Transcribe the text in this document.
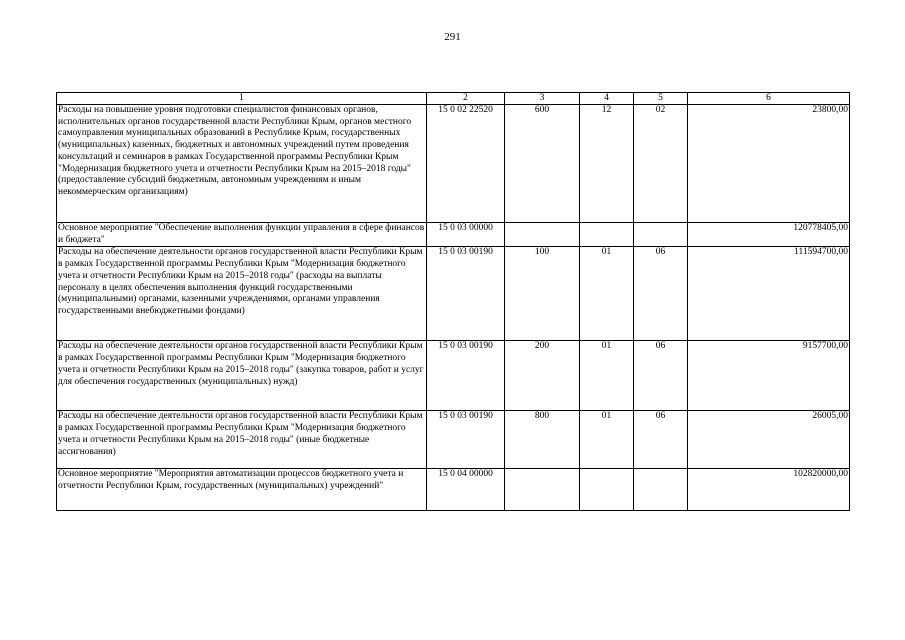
291
1	2	3	4	5	6
Расходы на повышение уровня подготовки специалистов финансовых органов, исполнительных органов государственной власти Республики Крым, органов местного самоуправления муниципальных образований в Республике Крым, государственных (муниципальных) казенных, бюджетных и автономных учреждений путем проведения консультаций и семинаров в рамках Государственной программы Республики Крым "Модернизация бюджетного учета и отчетности Республики Крым на 2015–2018 годы" (предоставление субсидий бюджетным, автономным учреждениям и иным некоммерческим организациям)	15 0 02 22520	600	12	02	23800,00
Основное мероприятие "Обеспечение выполнения функции управления в сфере финансов и бюджета"	15 0 03 00000				120778405,00
Расходы на обеспечение деятельности органов государственной власти Республики Крым в рамках Государственной программы Республики Крым "Модернизация бюджетного учета и отчетности Республики Крым на 2015–2018 годы" (расходы на выплаты персоналу в целях обеспечения выполнения функций государственными (муниципальными) органами, казенными учреждениями, органами управления государственными внебюджетными фондами)	15 0 03 00190	100	01	06	111594700,00
Расходы на обеспечение деятельности органов государственной власти Республики Крым в рамках Государственной программы Республики Крым "Модернизация бюджетного учета и отчетности Республики Крым на 2015–2018 годы" (закупка товаров, работ и услуг для обеспечения государственных (муниципальных) нужд)	15 0 03 00190	200	01	06	9157700,00
Расходы на обеспечение деятельности органов государственной власти Республики Крым в рамках Государственной программы Республики Крым "Модернизация бюджетного учета и отчетности Республики Крым на 2015–2018 годы" (иные бюджетные ассигнования)	15 0 03 00190	800	01	06	26005,00
Основное мероприятие "Мероприятия автоматизации процессов бюджетного учета и отчетности Республики Крым, государственных (муниципальных) учреждений"	15 0 04 00000				102820000,00
